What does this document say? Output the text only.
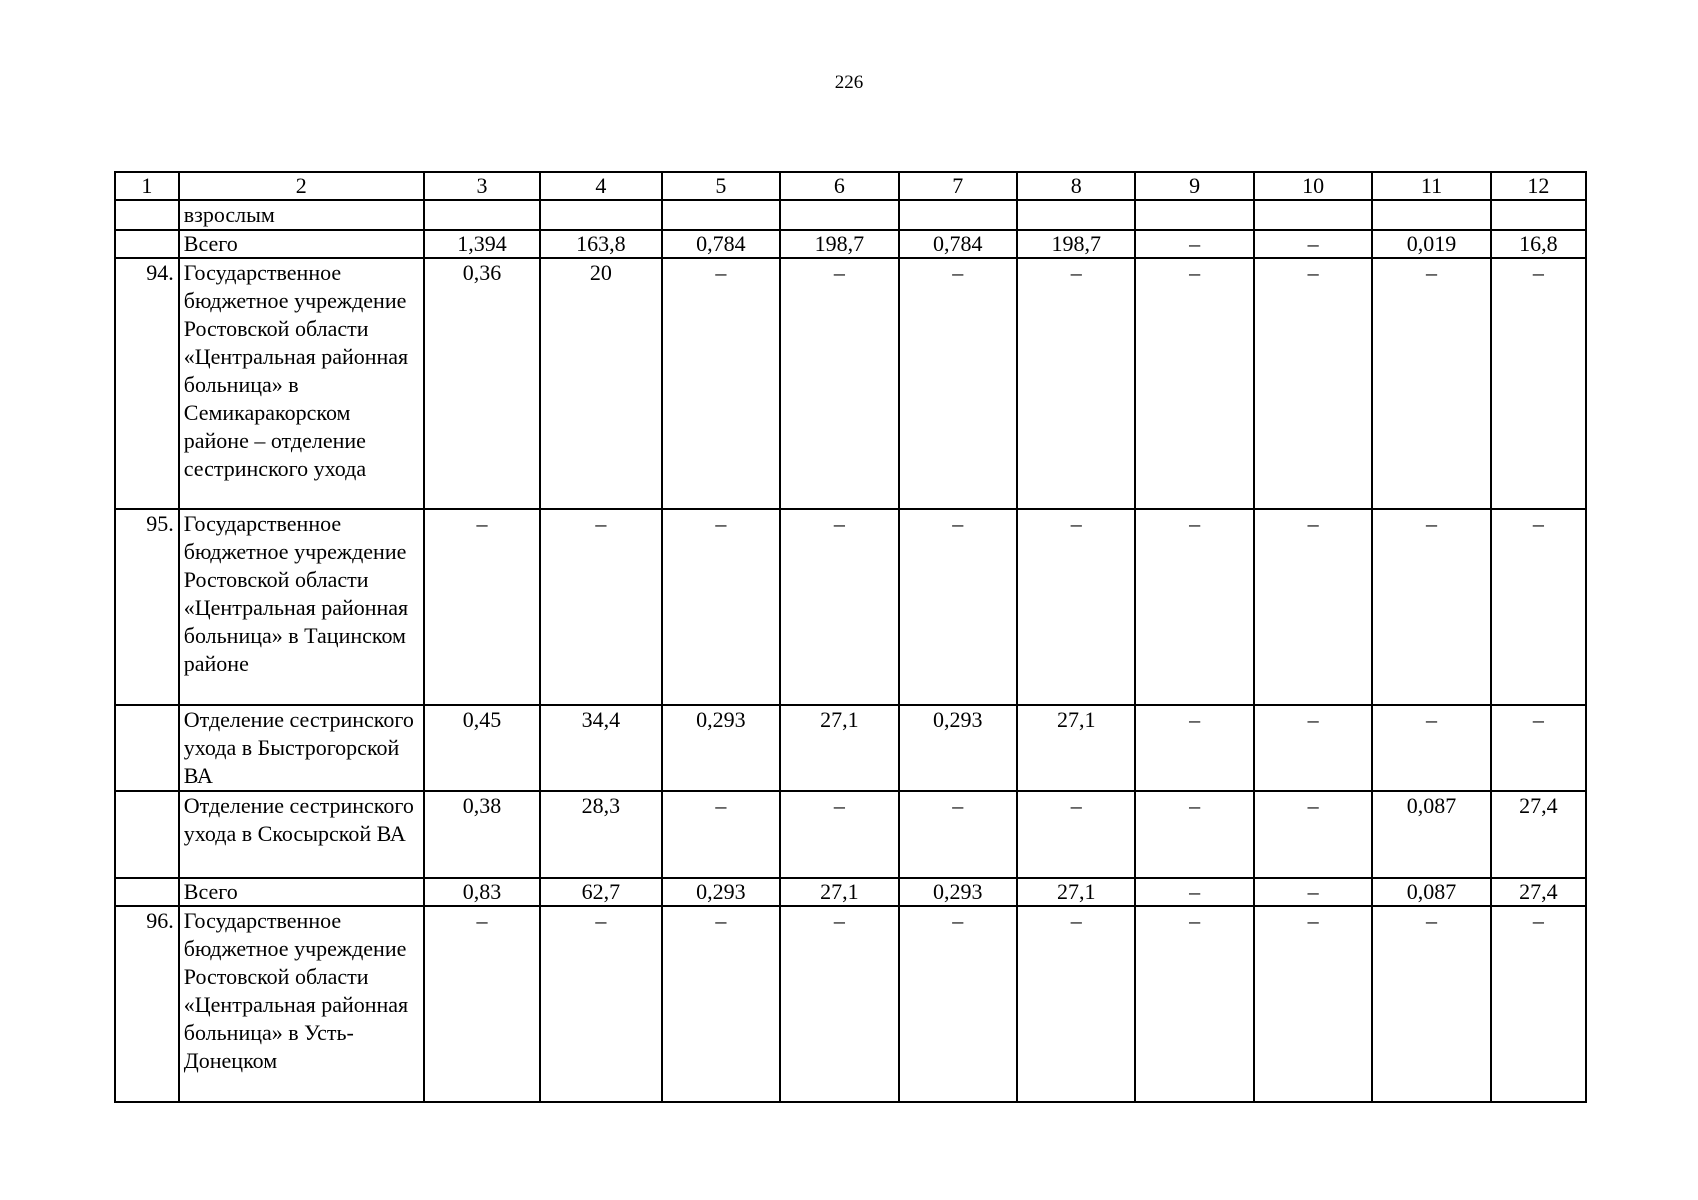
226
1	2	3	4	5	6	7	8	9	10	11	12
	взрослым										
	Всего	1,394	163,8	0,784	198,7	0,784	198,7	–	–	0,019	16,8
94.	Государственное бюджетное учреждение Ростовской области «Центральная районная больница» в Семикаракорском районе – отделение сестринского ухода	0,36	20	–	–	–	–	–	–	–	–
95.	Государственное бюджетное учреждение Ростовской области «Центральная районная больница» в Тацинском районе	–	–	–	–	–	–	–	–	–	–
	Отделение сестринского ухода в Быстрогорской ВА	0,45	34,4	0,293	27,1	0,293	27,1	–	–	–	–
	Отделение сестринского ухода в Скосырской ВА	0,38	28,3	–	–	–	–	–	–	0,087	27,4
	Всего	0,83	62,7	0,293	27,1	0,293	27,1	–	–	0,087	27,4
96.	Государственное бюджетное учреждение Ростовской области «Центральная районная больница» в Усть-Донецком	–	–	–	–	–	–	–	–	–	–
